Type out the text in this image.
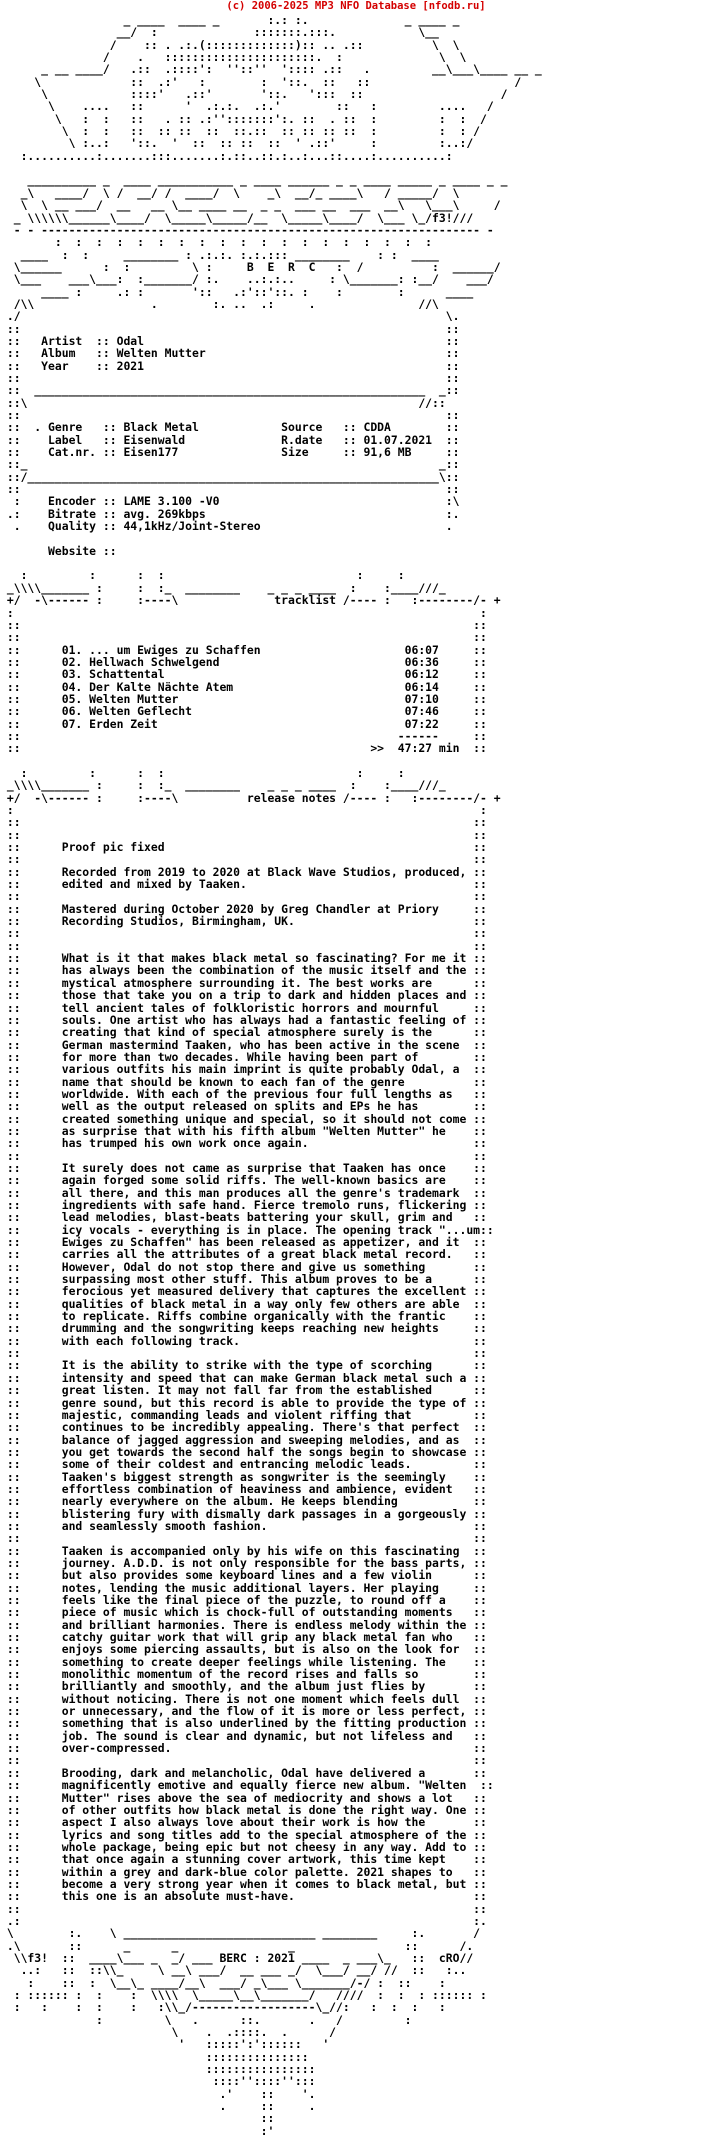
(c) 2006-2025 MP3 NFO Database [nfodb.ru]
_ ____  ____ _       :.: :.              _ ____ _
__/  :              :::::::.:::.            \__
/    :: . .:.(:::::::::::::):: .. .::          \  \
/    .   ::::::::::::::::::::::.  :              \  \
_ __ ____/   .::  .::::':  ''::''  ':::: .::   .         __\___\____ __ _
\             ::  .:'   :        :  '::.  ::   ::                     /
\            ::::'   .::'       '::.   ':::  ::                    /
\    ....   ::      '  .:.:.  .:.'        ::   :         ....   /
\   :  :   ::   . :: .:'':::::::':. ::  . ::  :         :  :  /
\  :  :   ::  :: ::  ::  ::.::  :: :: :: ::  :         :  : /
\ :..:   '::.  '  ::  :: ::  ::  ' .::'     :         :..:/
:..........:.......:::.......:.::..::.:..:...::....:..........:

__________ _  ____ ___________ _ ____ ______ _ _ ____ _____ _ ____ _ _
_\   ____/  \ /  __/ /  ____/  \    _\  __/_ ____\   / _____/  \
\  \ __ ___/  __   __ \__ ____ __  _ _  ___ __  ___  __\   \___\     /
_ \\\\\\______\____/  \_____\_____/__  \_____\____/  \___ \_/f3!///
- - ---------------------------------------------------------------- -
:  :  :  :  :  :  :  :  :  :  :  :  :  :  :  :  :  :  :
____  :  :     ________ : .:.:. :.:.::: ________    : :  ____
\______      :  :         \ :     B  E  R  C   :  /          :  ______/
\___    ___\___:  :_______/ :.    ..:.:..     : \_______: :__/    ___/
____ :     .: :       '::   .:'::'::. :    :        :      ____
/\\                 .        :. ..  .:     .               //\
./                                                              \.
::                                                              ::
::   Artist  :: Odal                                            ::
::   Album   :: Welten Mutter                                   ::
::   Year    :: 2021                                            ::
::                                                              ::
::  _________________________________________________________  _::
::\                                                         //::
::                                                              ::
::  . Genre   :: Black Metal            Source   :: CDDA        ::
::    Label   :: Eisenwald              R.date   :: 01.07.2021  ::
::    Cat.nr. :: Eisen177               Size     :: 91,6 MB     ::
::_                                                            _::
::/____________________________________________________________\::
::                                                              ::
:    Encoder :: LAME 3.100 -V0                                 :\
.:    Bitrate :: avg. 269kbps                                   :.
.    Quality :: 44,1kHz/Joint-Stereo                           .

Website ::

:         :      :  :                            :     :
_\\\\_______ :     :  :_  ________    _ _ _ ____  :    :____///_
+/  -\------ :     :----\              tracklist /---- :   :--------/- +
:                                                                    :
::                                                                  ::
::                                                                  ::
::      01. ... um Ewiges zu Schaffen                     06:07     ::
::      02. Hellwach Schwelgend                           06:36     ::
::      03. Schattental                                   06:12     ::
::      04. Der Kalte Nächte Atem                         06:14     ::
::      05. Welten Mutter                                 07:10     ::
::      06. Welten Geflecht                               07:46     ::
::      07. Erden Zeit                                    07:22     ::
::                                                       ------     ::
::                                                   >>  47:27 min  ::

:         :      :  :                            :     :
_\\\\_______ :     :  :_  ________    _ _ _ ____  :    :____///_
+/  -\------ :     :----\          release notes /---- :   :--------/- +
:                                                                    :
::                                                                  ::
::                                                                  ::
::      Proof pic fixed                                             ::
::                                                                  ::
::      Recorded from 2019 to 2020 at Black Wave Studios, produced, ::
::      edited and mixed by Taaken.                                 ::
::                                                                  ::
::      Mastered during October 2020 by Greg Chandler at Priory     ::
::      Recording Studios, Birmingham, UK.                          ::
::                                                                  ::
::                                                                  ::
::      What is it that makes black metal so fascinating? For me it ::
::      has always been the combination of the music itself and the ::
::      mystical atmosphere surrounding it. The best works are      ::
::      those that take you on a trip to dark and hidden places and ::
::      tell ancient tales of folkloristic horrors and mournful     ::
::      souls. One artist who has always had a fantastic feeling of ::
::      creating that kind of special atmosphere surely is the      ::
::      German mastermind Taaken, who has been active in the scene  ::
::      for more than two decades. While having been part of        ::
::      various outfits his main imprint is quite probably Odal, a  ::
::      name that should be known to each fan of the genre          ::
::      worldwide. With each of the previous four full lengths as   ::
::      well as the output released on splits and EPs he has        ::
::      created something unique and special, so it should not come ::
::      as surprise that with his fifth album "Welten Mutter" he    ::
::      has trumped his own work once again.                        ::
::                                                                  ::
::      It surely does not came as surprise that Taaken has once    ::
::      again forged some solid riffs. The well-known basics are    ::
::      all there, and this man produces all the genre's trademark  ::
::      ingredients with safe hand. Fierce tremolo runs, flickering ::
::      lead melodies, blast-beats battering your skull, grim and   ::
::      icy vocals - everything is in place. The opening track "...um::
::      Ewiges zu Schaffen" has been released as appetizer, and it  ::
::      carries all the attributes of a great black metal record.   ::
::      However, Odal do not stop there and give us something       ::
::      surpassing most other stuff. This album proves to be a      ::
::      ferocious yet measured delivery that captures the excellent ::
::      qualities of black metal in a way only few others are able  ::
::      to replicate. Riffs combine organically with the frantic    ::
::      drumming and the songwriting keeps reaching new heights     ::
::      with each following track.                                  ::
::                                                                  ::
::      It is the ability to strike with the type of scorching      ::
::      intensity and speed that can make German black metal such a ::
::      great listen. It may not fall far from the established      ::
::      genre sound, but this record is able to provide the type of ::
::      majestic, commanding leads and violent riffing that         ::
::      continues to be incredibly appealing. There's that perfect  ::
::      balance of jagged aggression and sweeping melodies, and as  ::
::      you get towards the second half the songs begin to showcase ::
::      some of their coldest and entrancing melodic leads.         ::
::      Taaken's biggest strength as songwriter is the seemingly    ::
::      effortless combination of heaviness and ambience, evident   ::
::      nearly everywhere on the album. He keeps blending           ::
::      blistering fury with dismally dark passages in a gorgeously ::
::      and seamlessly smooth fashion.                              ::
::                                                                  ::
::      Taaken is accompanied only by his wife on this fascinating  ::
::      journey. A.D.D. is not only responsible for the bass parts, ::
::      but also provides some keyboard lines and a few violin      ::
::      notes, lending the music additional layers. Her playing     ::
::      feels like the final piece of the puzzle, to round off a    ::
::      piece of music which is chock-full of outstanding moments   ::
::      and brilliant harmonies. There is endless melody within the ::
::      catchy guitar work that will grip any black metal fan who   ::
::      enjoys some piercing assaults, but is also on the look for  ::
::      something to create deeper feelings while listening. The    ::
::      monolithic momentum of the record rises and falls so        ::
::      brilliantly and smoothly, and the album just flies by       ::
::      without noticing. There is not one moment which feels dull  ::
::      or unnecessary, and the flow of it is more or less perfect, ::
::      something that is also underlined by the fitting production ::
::      job. The sound is clear and dynamic, but not lifeless and   ::
::      over-compressed.                                            ::
::                                                                  ::
::      Brooding, dark and melancholic, Odal have delivered a       ::
::      magnificently emotive and equally fierce new album. "Welten  ::
::      Mutter" rises above the sea of mediocrity and shows a lot   ::
::      of other outfits how black metal is done the right way. One ::
::      aspect I also always love about their work is how the       ::
::      lyrics and song titles add to the special atmosphere of the ::
::      whole package, being epic but not cheesy in any way. Add to ::
::      that once again a stunning cover artwork, this time kept    ::
::      within a grey and dark-blue color palette. 2021 shapes to   ::
::      become a very strong year when it comes to black metal, but ::
::      this one is an absolute must-have.                          ::
::                                                                  ::
.:                                                                  :.
\        :.    \ ____________________________ ________     :.       /
.\       ::      _      _                _                ::      /.
\\f3!  ::  ____\___ _  _/ ___ BERC : 2021 ____  _ ___\_   ::  cRO//
..:   ::  ::\\_     \ __\ ___/  __ ___ _/  \___/ __/ //  ::   :..
:    ::  :  \__\_ ____/__\  ___/ _\___ \_______/-/ :  ::    :
: :::::: :  :    :  \\\\  \_____\__\_______/   ////  :  :  : :::::: :
:   :    :  :    :   :\\_/------------------\_//:   :  :  :   :
:         \   .      ::.       .   /         :
\    .  .::::.  .      /
'   :::::':'::::::   '
:::::::::::::::
::::::::::::::::
::::''::::'':::
.'    ::    '.
.     ::     .
::
:'
